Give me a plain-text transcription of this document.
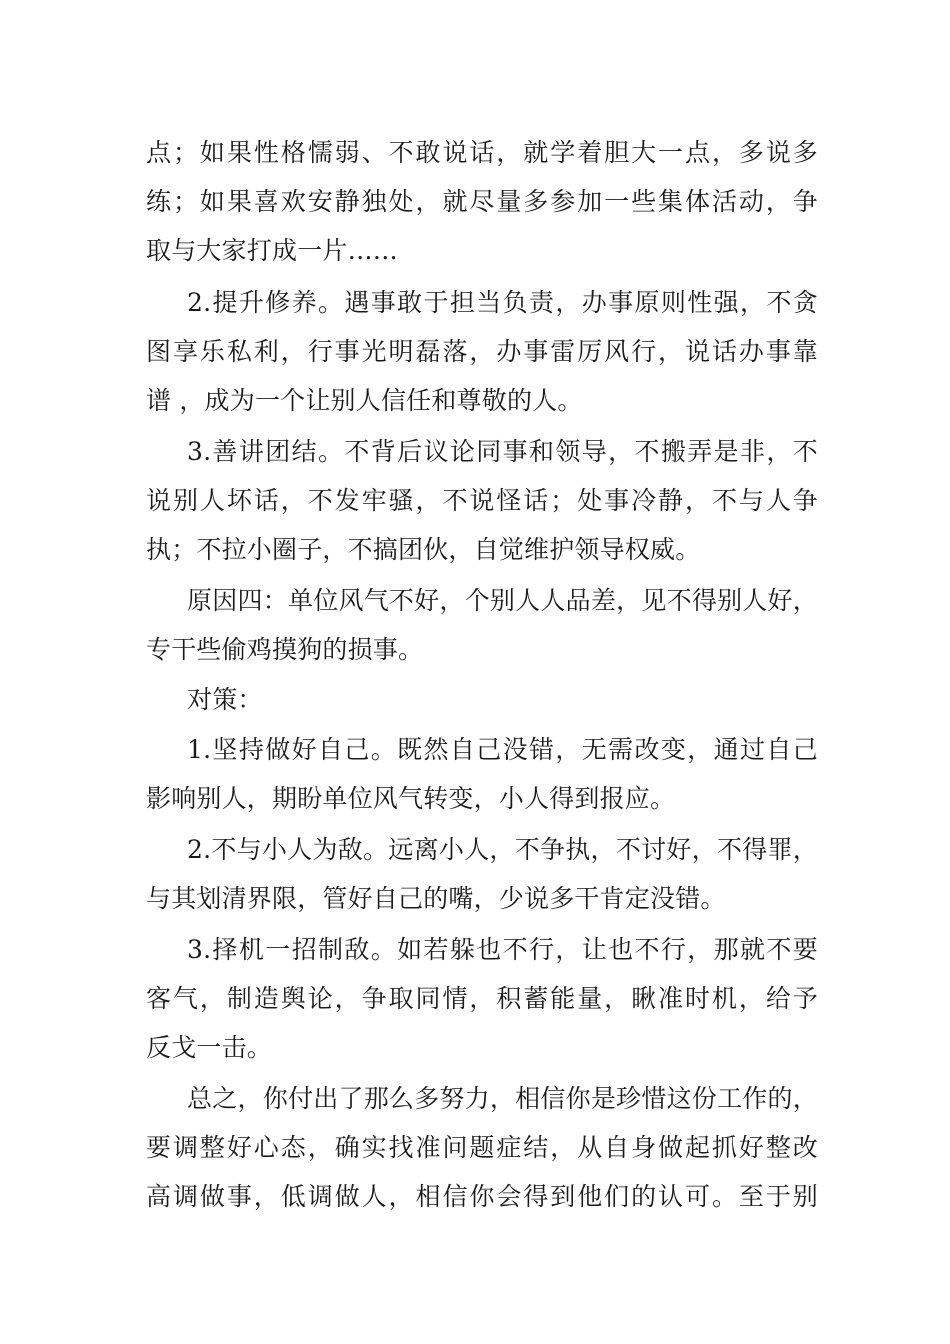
点；如果性格懦弱、不敢说话，就学着胆大一点，多说多
练；如果喜欢安静独处，就尽量多参加一些集体活动，争
取与大家打成一片……
2.提升修养。遇事敢于担当负责，办事原则性强，不贪
图享乐私利，行事光明磊落，办事雷厉风行，说话办事靠
谱 ，成为一个让别人信任和尊敬的人。
3.善讲团结。不背后议论同事和领导，不搬弄是非，不
说别人坏话，不发牢骚，不说怪话；处事冷静，不与人争
执；不拉小圈子，不搞团伙，自觉维护领导权威。
原因四：单位风气不好，个别人人品差，见不得别人好，
专干些偷鸡摸狗的损事。
对策：
1.坚持做好自己。既然自己没错，无需改变，通过自己
影响别人，期盼单位风气转变，小人得到报应。
2.不与小人为敌。远离小人，不争执，不讨好，不得罪，
与其划清界限，管好自己的嘴，少说多干肯定没错。
3.择机一招制敌。如若躲也不行，让也不行，那就不要
客气，制造舆论，争取同情，积蓄能量，瞅准时机，给予
反戈一击。
总之，你付出了那么多努力，相信你是珍惜这份工作的，
要调整好心态，确实找准问题症结，从自身做起抓好整改
高调做事，低调做人，相信你会得到他们的认可。至于别
